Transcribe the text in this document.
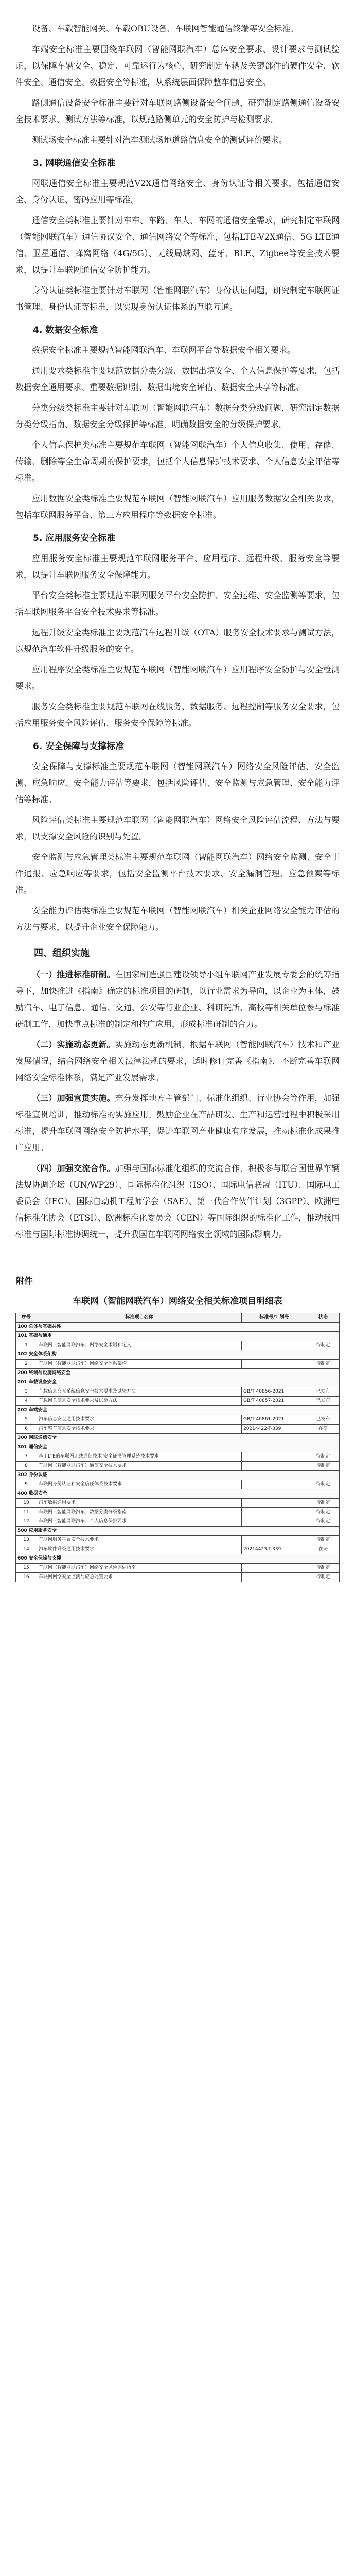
设备、车载智能网关、车载OBU设备、车联网智能通信终端等安全标准。

车端安全标准主要围绕车联网（智能网联汽车）总体安全要求、设计要求与测试验证，以保障车辆安全、稳定、可靠运行为核心，研究制定车辆及关键部件的硬件安全、软件安全、通信安全、数据安全等标准，从系统层面保障整车信息安全。

路侧通信设备安全标准主要针对车联网路侧设备安全问题，研究制定路侧通信设备安全技术要求、测试方法等标准，以规范路侧单元的安全防护与检测要求。

测试场安全标准主要针对汽车测试场地道路信息安全的测试评价要求。

3. 网联通信安全标准

网联通信安全标准主要规范V2X通信网络安全、身份认证等相关要求，包括通信安全、身份认证、密码应用等标准。

通信安全类标准主要针对车车、车路、车人、车网的通信安全需求，研究制定车联网（智能网联汽车）通信协议安全、通信网络安全等标准，包括LTE-V2X通信、5G LTE通信、卫星通信、蜂窝网络（4G/5G）、无线局域网、蓝牙、BLE、Zigbee等安全技术要求，以提升车联网通信安全防护能力。

身份认证类标准主要针对车联网（智能网联汽车）身份认证问题，研究制定车联网证书管理、身份认证等标准，以实现身份认证体系的互联互通。

4. 数据安全标准

数据安全标准主要规范智能网联汽车、车联网平台等数据安全相关要求。

通用要求类标准主要规范数据分类分级、数据出境安全、个人信息保护等要求，包括数据安全通用要求、重要数据识别、数据出境安全评估、数据安全共享等标准。

分类分级类标准主要针对车联网（智能网联汽车）数据分类分级问题，研究制定数据分类分级指南、数据安全分级保护等标准，明确数据安全的分级保护要求。

个人信息保护类标准主要规范车联网（智能网联汽车）个人信息收集、使用、存储、传输、删除等全生命周期的保护要求，包括个人信息保护技术要求、个人信息安全评估等标准。

应用数据安全类标准主要规范车联网（智能网联汽车）应用服务数据安全相关要求，包括车联网服务平台、第三方应用程序等数据安全标准。

5. 应用服务安全标准

应用服务安全标准主要规范车联网服务平台、应用程序、远程升级、服务安全等要求，以提升车联网服务安全保障能力。

平台安全类标准主要规范车联网服务平台安全防护、安全运维、安全监测等要求，包括车联网服务平台安全技术要求等标准。

远程升级安全类标准主要规范汽车远程升级（OTA）服务安全技术要求与测试方法，以规范汽车软件升级服务的安全。

应用程序安全类标准主要规范车联网（智能网联汽车）应用程序安全防护与安全检测要求。

服务安全类标准主要规范车联网在线服务、数据服务、远程控制等服务安全要求，包括应用服务安全风险评估、服务安全保障等标准。

6. 安全保障与支撑标准

安全保障与支撑标准主要规范车联网（智能网联汽车）网络安全风险评估、安全监测、应急响应、安全能力评估等要求，包括风险评估、安全监测与应急管理、安全能力评估等标准。

风险评估类标准主要规范车联网（智能网联汽车）网络安全风险评估流程、方法与要求，以支撑安全风险的识别与处置。

安全监测与应急管理类标准主要规范车联网（智能网联汽车）网络安全监测、安全事件通报、应急响应等要求，包括安全监测平台技术要求、安全漏洞管理、应急预案等标准。

安全能力评估类标准主要规范车联网（智能网联汽车）相关企业网络安全能力评估的方法与要求，以提升企业安全保障能力。

四、组织实施

（一）推进标准研制。在国家制造强国建设领导小组车联网产业发展专委会的统筹指导下，加快推进《指南》确定的标准项目的研制，以行业需求为导向，以企业为主体，鼓励汽车、电子信息、通信、交通、公安等行业企业、科研院所、高校等相关单位参与标准研制工作，加快重点标准的制定和推广应用，形成标准研制的合力。

（二）实施动态更新。实施动态更新机制，根据车联网（智能网联汽车）技术和产业发展情况，结合网络安全相关法律法规的要求，适时修订完善《指南》，不断完善车联网网络安全标准体系，满足产业发展需求。

（三）加强宣贯实施。充分发挥地方主管部门、标准化组织、行业协会等作用，加强标准宣贯培训，推动标准的实施应用。鼓励企业在产品研发、生产和运营过程中积极采用标准，提升车联网网络安全防护水平，促进车联网产业健康有序发展，推动标准化成果推广应用。

（四）加强交流合作。加强与国际标准化组织的交流合作，积极参与联合国世界车辆法规协调论坛（UN/WP29）、国际标准化组织（ISO）、国际电信联盟（ITU）、国际电工委员会（IEC）、国际自动机工程师学会（SAE）、第三代合作伙伴计划（3GPP）、欧洲电信标准化协会（ETSI）、欧洲标准化委员会（CEN）等国际组织的标准化工作，推动我国标准与国际标准协调统一，提升我国在车联网网络安全领域的国际影响力。

附件
车联网（智能网联汽车）网络安全相关标准项目明细表
序号	标准项目名称	标准号/计划号	状态
100 总体与基础共性			
101 基础与通用			
1	车联网（智能网联汽车）网络安全术语和定义		待制定
102 安全体系架构			
2	车联网（智能网联汽车）网络安全体系架构		待制定
200 终端与设施网络安全			
201 车载设备安全			
3	车载信息交互系统信息安全技术要求及试验方法	GB/T 40856-2021	已发布
4	车载网关信息安全技术要求及试验方法	GB/T 40857-2021	已发布
202 车端安全			
5	汽车信息安全通用技术要求	GB/T 40861-2021	已发布
6	汽车整车信息安全技术要求	20214422-T-339	在研
300 网联通信安全			
301 通信安全			
7	基于LTE的车联网无线通信技术 安全证书管理系统技术要求		待制定
8	车联网（智能网联汽车）通信安全技术要求		待制定
302 身份认证			
9	车联网身份认证和安全信任体系技术要求		待制定
400 数据安全			
10	汽车数据通用要求		待制定
11	车联网（智能网联汽车）数据分类分级指南		待制定
12	车联网（智能网联汽车）个人信息保护要求		待制定
500 应用服务安全			
13	车联网服务平台安全技术要求		待制定
14	汽车软件升级通用技术要求	20214423-T-339	在研
600 安全保障与支撑			
15	车联网（智能网联汽车）网络安全风险评估指南		待制定
16	车联网网络安全监测与应急处置要求		待制定
